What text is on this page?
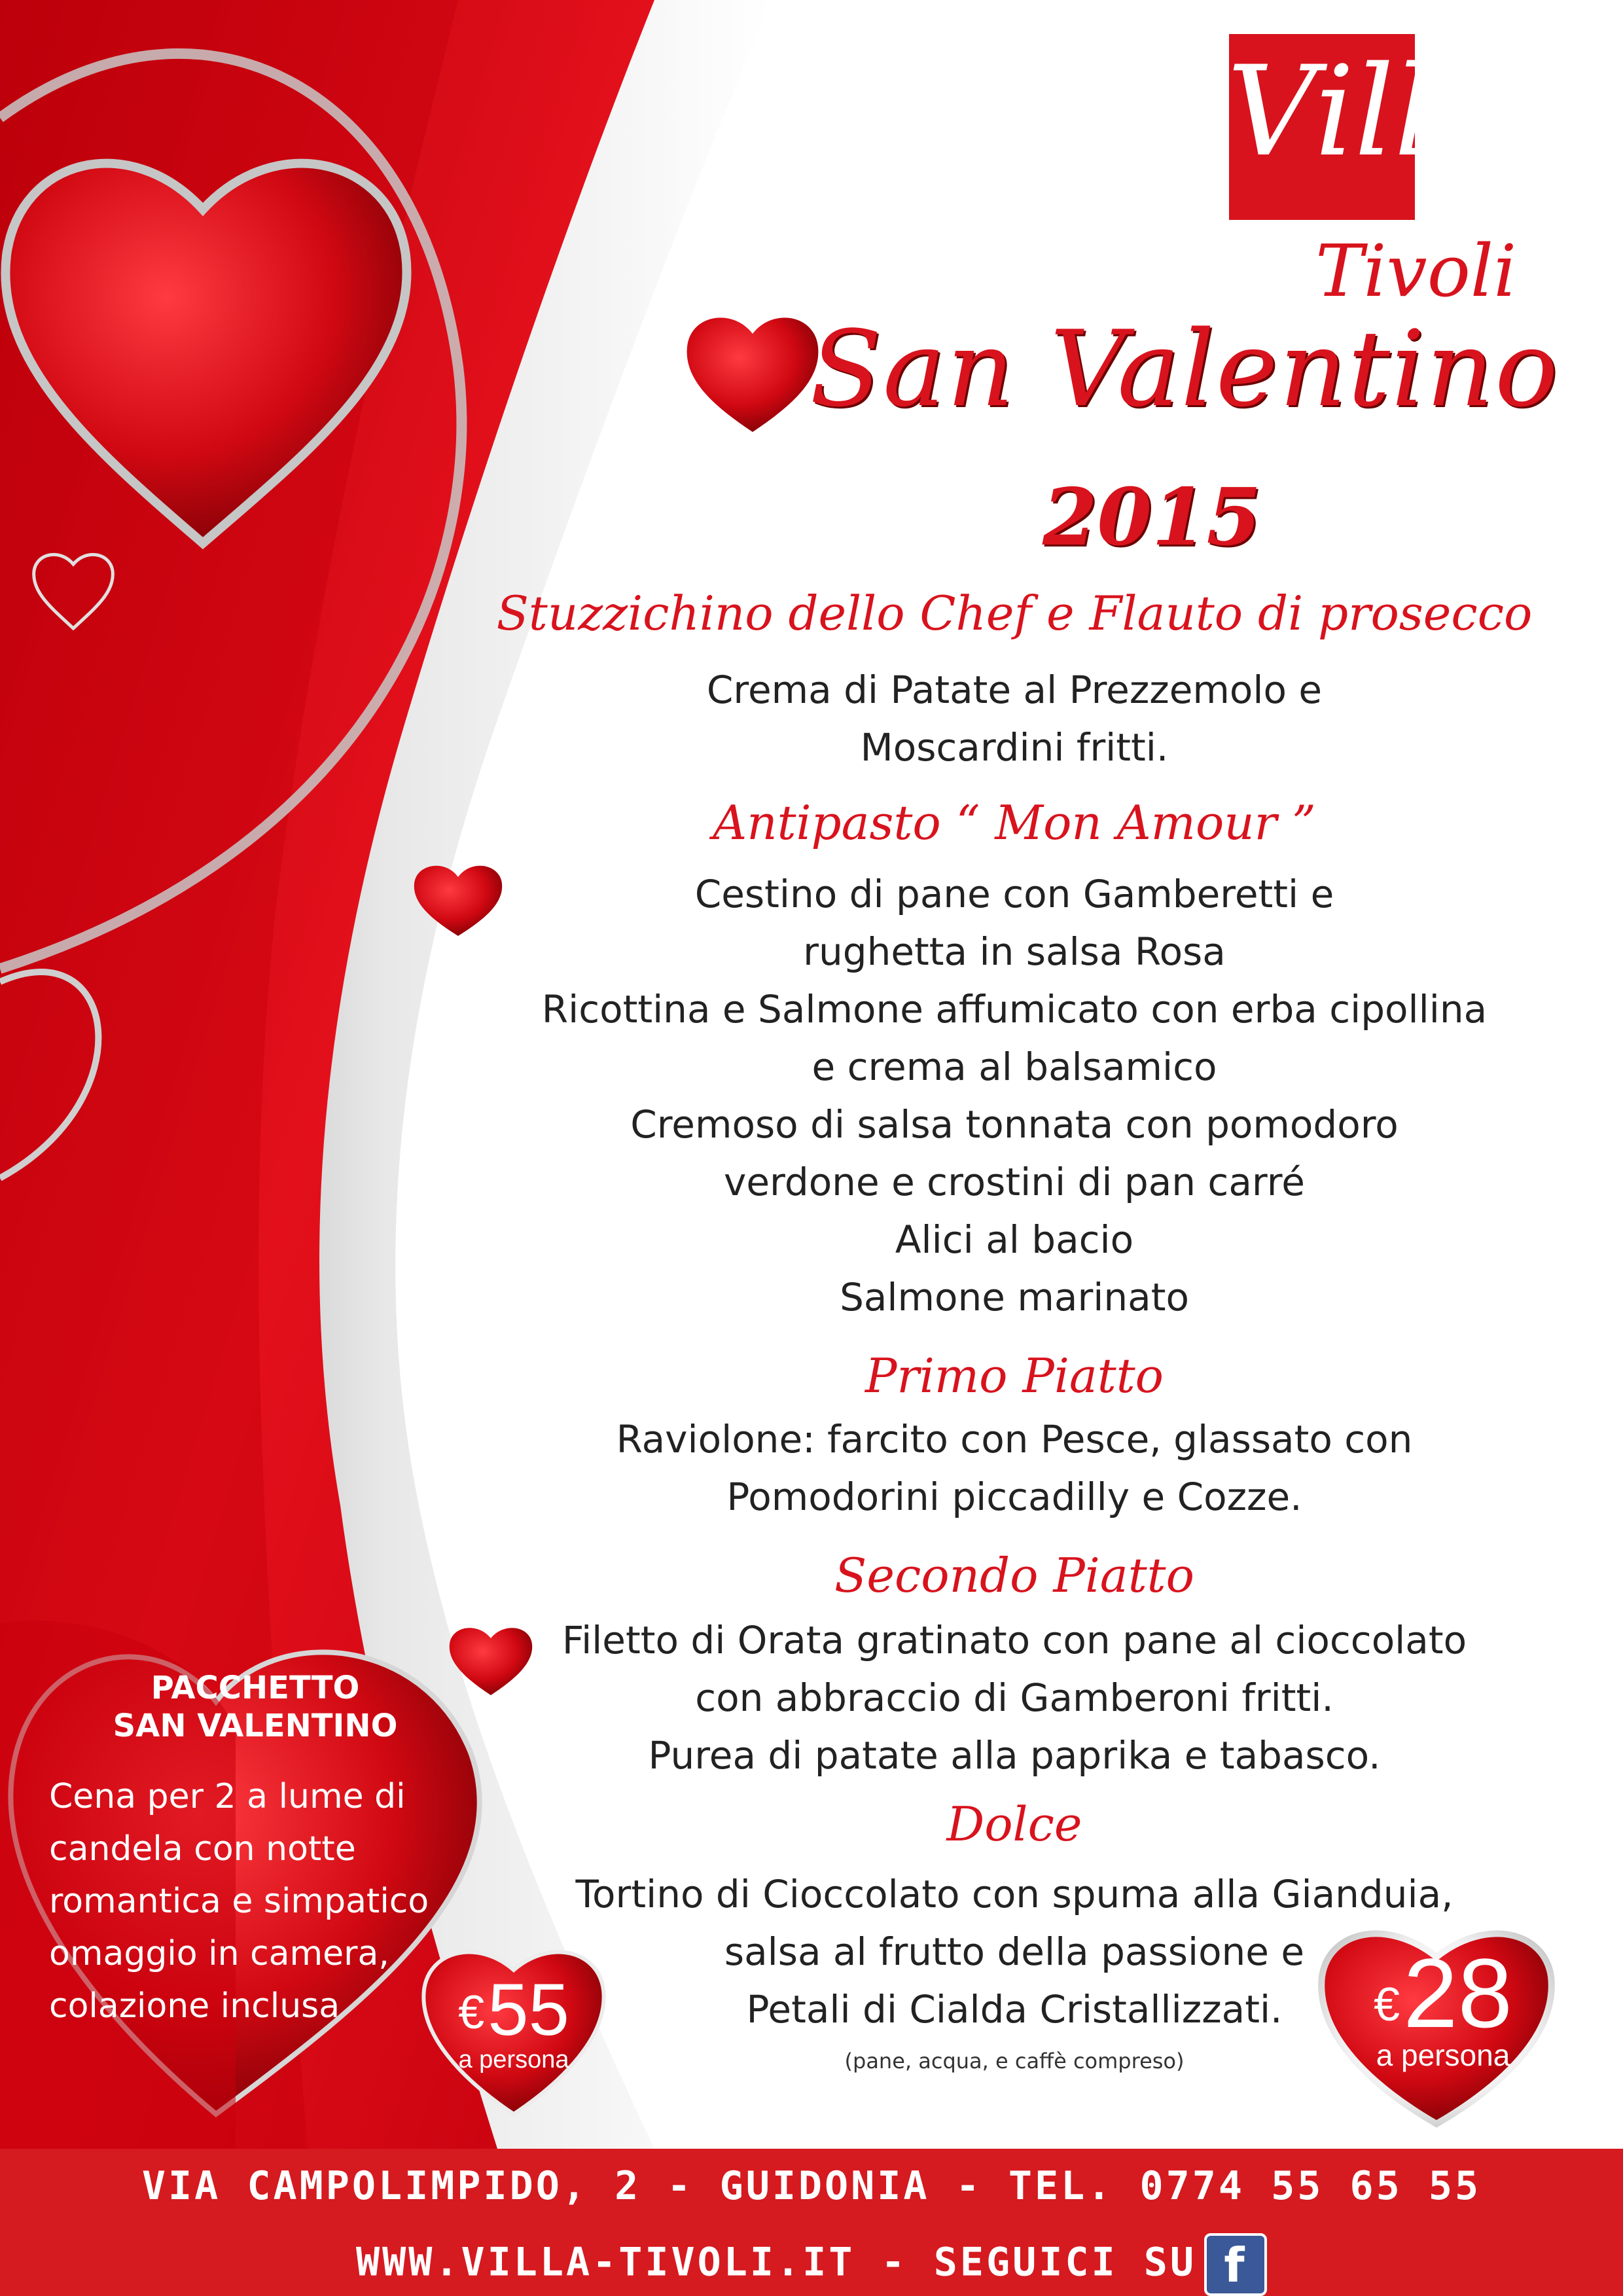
Villa
Tivoli
San Valentino
2015
Stuzzichino dello Chef e Flauto di prosecco
Crema di Patate al Prezzemolo e
Moscardini fritti.
Antipasto “ Mon Amour ”
Cestino di pane con Gamberetti e
rughetta in salsa Rosa
Ricottina e Salmone affumicato con erba cipollina
e crema al balsamico
Cremoso di salsa tonnata con pomodoro
verdone e crostini di pan carré
Alici al bacio
Salmone marinato
Primo Piatto
Raviolone: farcito con Pesce, glassato con
Pomodorini piccadilly e Cozze.
Secondo Piatto
Filetto di Orata gratinato con pane al cioccolato
con abbraccio di Gamberoni fritti.
Purea di patate alla paprika e tabasco.
Dolce
Tortino di Cioccolato con spuma alla Gianduia,
salsa al frutto della passione e
Petali di Cialda Cristallizzati.
(pane, acqua, e caffè compreso)
PACCHETTO
SAN VALENTINO
Cena per 2 a lume di
candela con notte
romantica e simpatico
omaggio in camera,
colazione inclusa	€ 55
a persona
€ 28
a persona
VIA CAMPOLIMPIDO, 2 - GUIDONIA - TEL. 0774 55 65 55
WWW.VILLA-TIVOLI.IT - SEGUICI SU f
